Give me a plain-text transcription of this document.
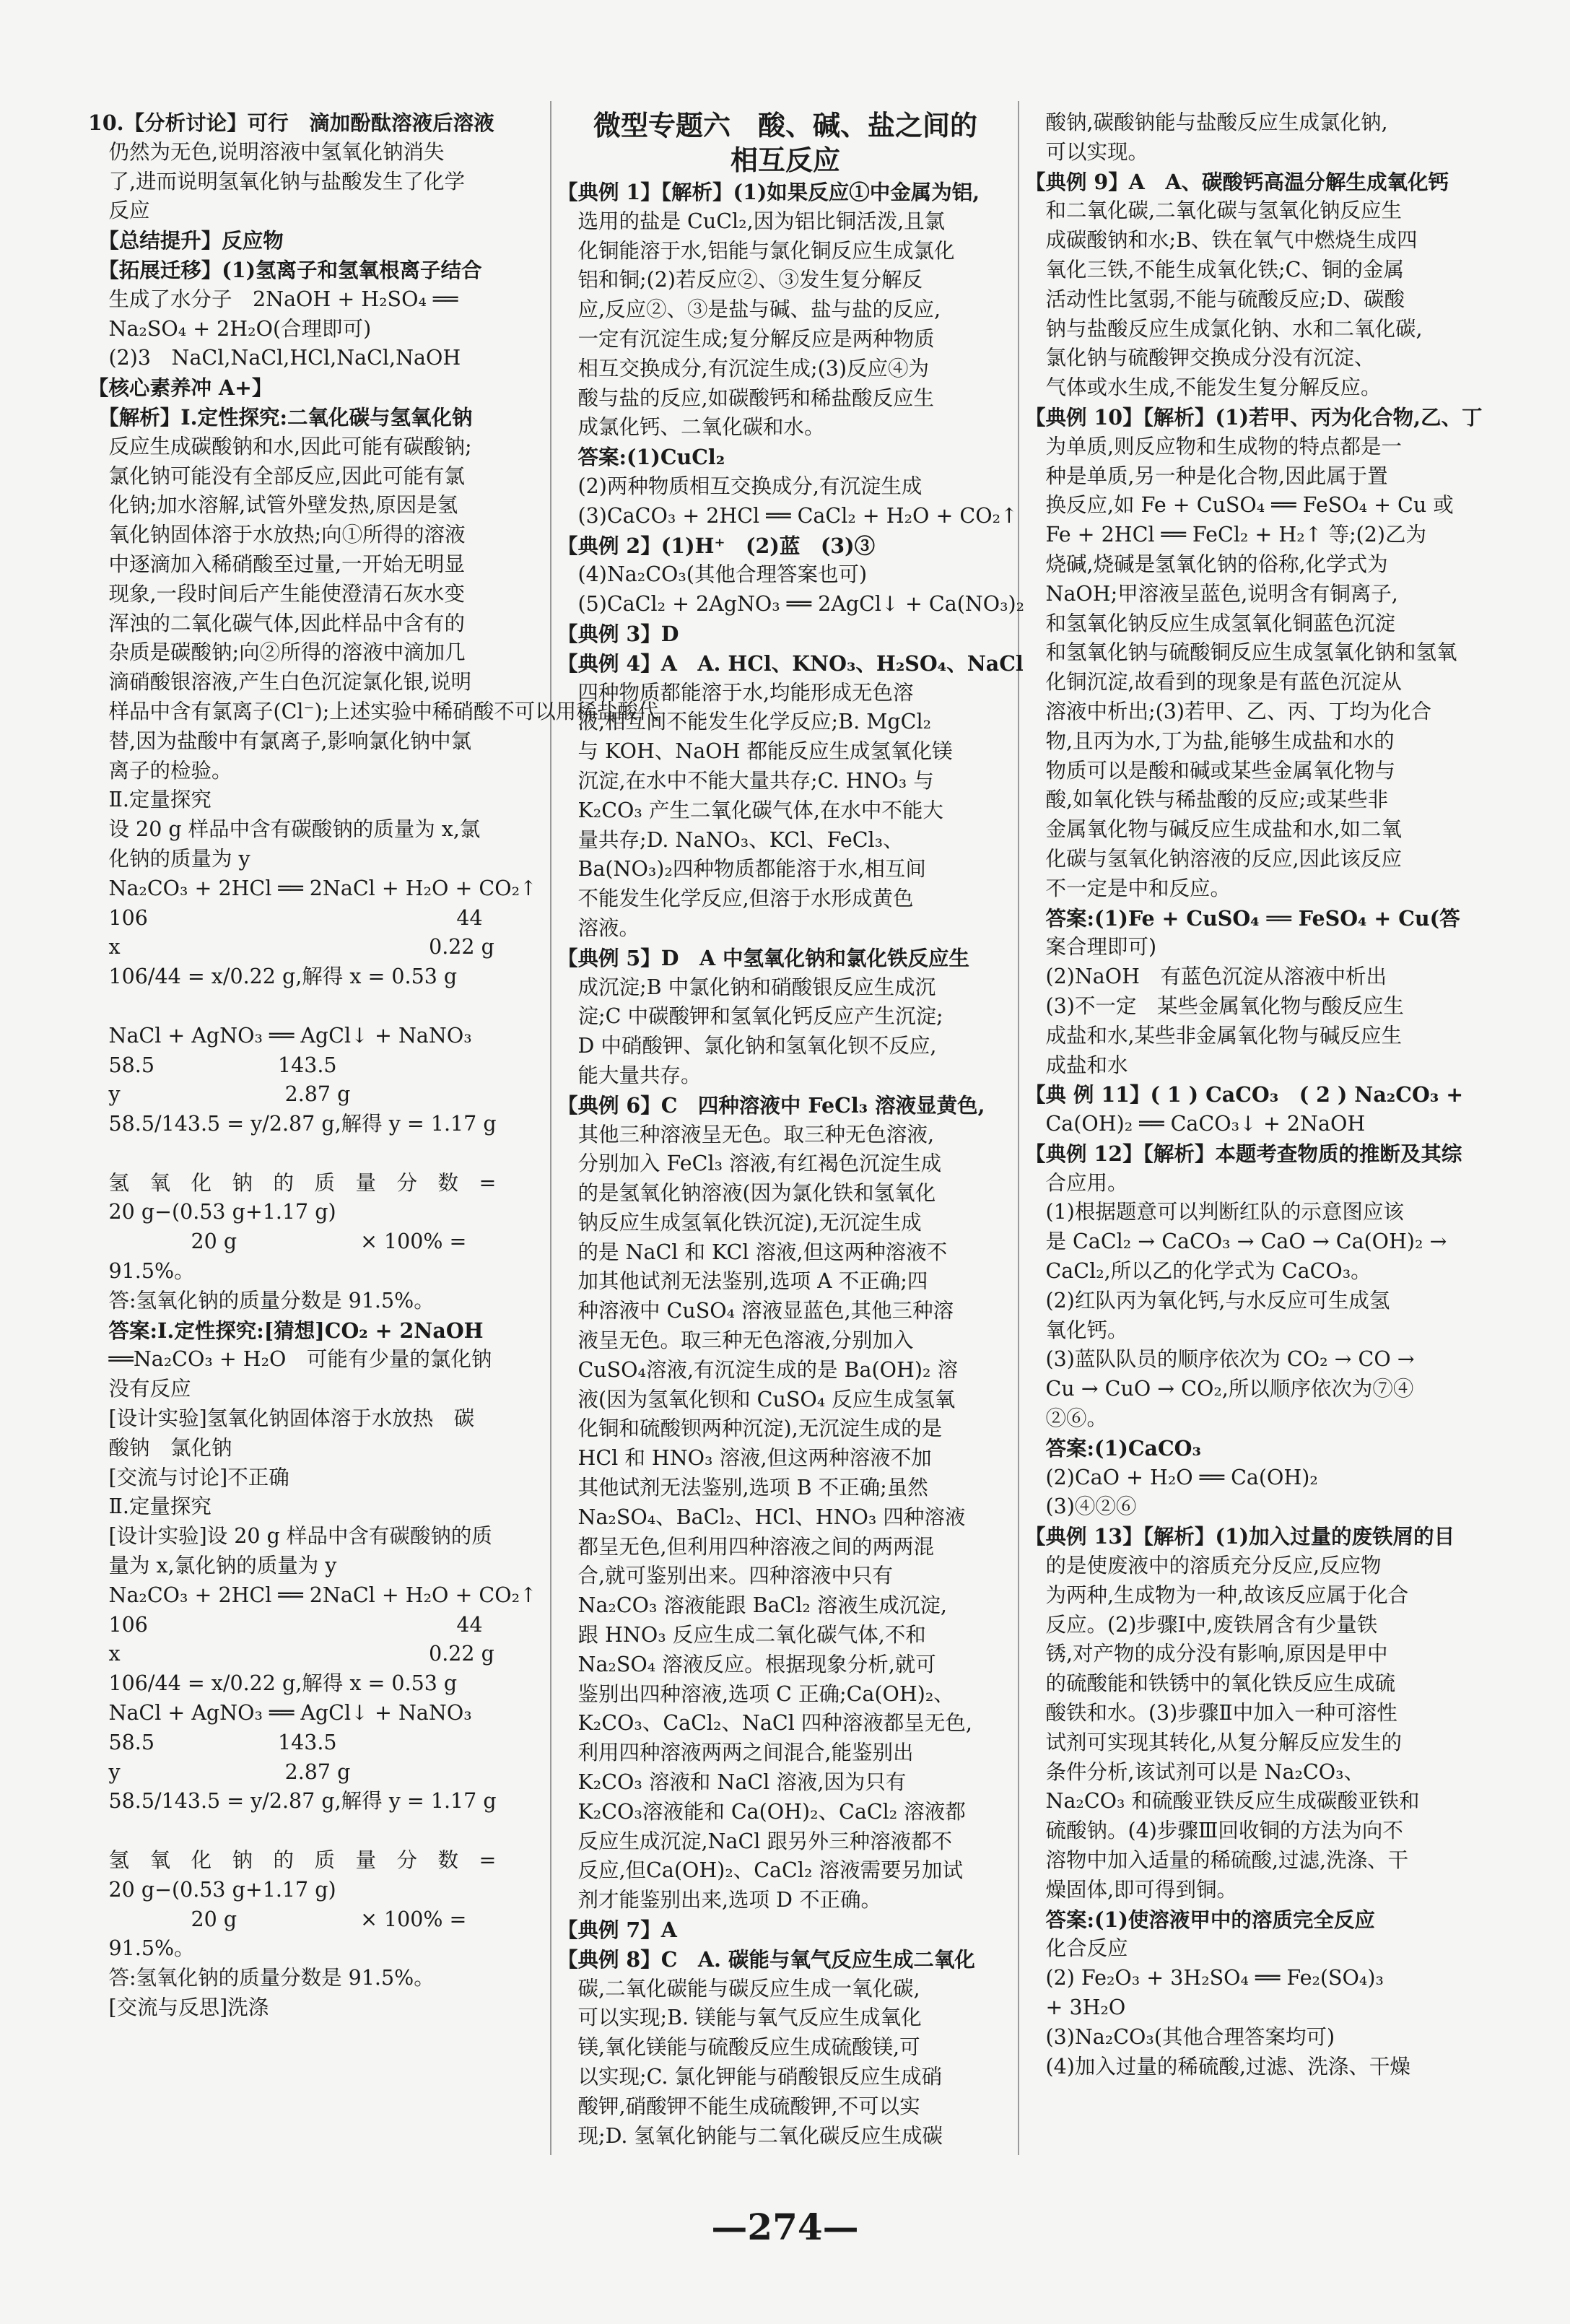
10.【分析讨论】可行　滴加酚酞溶液后溶液
　仍然为无色,说明溶液中氢氧化钠消失
　了,进而说明氢氧化钠与盐酸发生了化学
　反应
　【总结提升】反应物
　【拓展迁移】(1)氢离子和氢氧根离子结合
　生成了水分子　2NaOH + H₂SO₄ ══
　Na₂SO₄ + 2H₂O(合理即可)
　(2)3　NaCl,NaCl,HCl,NaCl,NaOH
【核心素养冲 A+】
　【解析】Ⅰ.定性探究:二氧化碳与氢氧化钠
　反应生成碳酸钠和水,因此可能有碳酸钠;
　氯化钠可能没有全部反应,因此可能有氯
　化钠;加水溶解,试管外壁发热,原因是氢
　氧化钠固体溶于水放热;向①所得的溶液
　中逐滴加入稀硝酸至过量,一开始无明显
　现象,一段时间后产生能使澄清石灰水变
　浑浊的二氧化碳气体,因此样品中含有的
　杂质是碳酸钠;向②所得的溶液中滴加几
　滴硝酸银溶液,产生白色沉淀氯化银,说明
　样品中含有氯离子(Cl⁻);上述实验中稀硝酸不可以用稀盐酸代
　替,因为盐酸中有氯离子,影响氯化钠中氯
　离子的检验。
　Ⅱ.定量探究
　设 20 g 样品中含有碳酸钠的质量为 x,氯
　化钠的质量为 y
　Na₂CO₃ + 2HCl ══ 2NaCl + H₂O + CO₂↑
　106　　　　　　　　　　　　　　　44
　x　　　　　　　　　　　　　　　0.22 g
　106/44 = x/0.22 g,解得 x = 0.53 g

　NaCl + AgNO₃ ══ AgCl↓ + NaNO₃
　58.5　　　　　　143.5
　y　　　　　　　　2.87 g
　58.5/143.5 = y/2.87 g,解得 y = 1.17 g

　氢　氧　化　钠　的　质　量　分　数　=
　20 g−(0.53 g+1.17 g)
　　　　　20 g　　　　　　× 100% =
　91.5%。
　答:氢氧化钠的质量分数是 91.5%。
　答案:Ⅰ.定性探究:[猜想]CO₂ + 2NaOH
　══Na₂CO₃ + H₂O　可能有少量的氯化钠
　没有反应
　[设计实验]氢氧化钠固体溶于水放热　碳
　酸钠　氯化钠
　[交流与讨论]不正确
　Ⅱ.定量探究
　[设计实验]设 20 g 样品中含有碳酸钠的质
　量为 x,氯化钠的质量为 y
　Na₂CO₃ + 2HCl ══ 2NaCl + H₂O + CO₂↑
　106　　　　　　　　　　　　　　　44
　x　　　　　　　　　　　　　　　0.22 g
　106/44 = x/0.22 g,解得 x = 0.53 g
　NaCl + AgNO₃ ══ AgCl↓ + NaNO₃
　58.5　　　　　　143.5
　y　　　　　　　　2.87 g
　58.5/143.5 = y/2.87 g,解得 y = 1.17 g

　氢　氧　化　钠　的　质　量　分　数　=
　20 g−(0.53 g+1.17 g)
　　　　　20 g　　　　　　× 100% =
　91.5%。
　答:氢氧化钠的质量分数是 91.5%。
　[交流与反思]洗涤
微型专题六　酸、碱、盐之间的
相互反应
【典例 1】【解析】(1)如果反应①中金属为铝,
　选用的盐是 CuCl₂,因为铝比铜活泼,且氯
　化铜能溶于水,铝能与氯化铜反应生成氯化
　铝和铜;(2)若反应②、③发生复分解反
　应,反应②、③是盐与碱、盐与盐的反应,
　一定有沉淀生成;复分解反应是两种物质
　相互交换成分,有沉淀生成;(3)反应④为
　酸与盐的反应,如碳酸钙和稀盐酸反应生
　成氯化钙、二氧化碳和水。
　答案:(1)CuCl₂
　(2)两种物质相互交换成分,有沉淀生成
　(3)CaCO₃ + 2HCl ══ CaCl₂ + H₂O + CO₂↑
【典例 2】(1)H⁺　(2)蓝　(3)③
　(4)Na₂CO₃(其他合理答案也可)
　(5)CaCl₂ + 2AgNO₃ ══ 2AgCl↓ + Ca(NO₃)₂
【典例 3】D
【典例 4】A　A. HCl、KNO₃、H₂SO₄、NaCl
　四种物质都能溶于水,均能形成无色溶
　液,相互间不能发生化学反应;B. MgCl₂
　与 KOH、NaOH 都能反应生成氢氧化镁
　沉淀,在水中不能大量共存;C. HNO₃ 与
　K₂CO₃ 产生二氧化碳气体,在水中不能大
　量共存;D. NaNO₃、KCl、FeCl₃、
　Ba(NO₃)₂四种物质都能溶于水,相互间
　不能发生化学反应,但溶于水形成黄色
　溶液。
【典例 5】D　A 中氢氧化钠和氯化铁反应生
　成沉淀;B 中氯化钠和硝酸银反应生成沉
　淀;C 中碳酸钾和氢氧化钙反应产生沉淀;
　D 中硝酸钾、氯化钠和氢氧化钡不反应,
　能大量共存。
【典例 6】C　四种溶液中 FeCl₃ 溶液显黄色,
　其他三种溶液呈无色。取三种无色溶液,
　分别加入 FeCl₃ 溶液,有红褐色沉淀生成
　的是氢氧化钠溶液(因为氯化铁和氢氧化
　钠反应生成氢氧化铁沉淀),无沉淀生成
　的是 NaCl 和 KCl 溶液,但这两种溶液不
　加其他试剂无法鉴别,选项 A 不正确;四
　种溶液中 CuSO₄ 溶液显蓝色,其他三种溶
　液呈无色。取三种无色溶液,分别加入
　CuSO₄溶液,有沉淀生成的是 Ba(OH)₂ 溶
　液(因为氢氧化钡和 CuSO₄ 反应生成氢氧
　化铜和硫酸钡两种沉淀),无沉淀生成的是
　HCl 和 HNO₃ 溶液,但这两种溶液不加
　其他试剂无法鉴别,选项 B 不正确;虽然
　Na₂SO₄、BaCl₂、HCl、HNO₃ 四种溶液
　都呈无色,但利用四种溶液之间的两两混
　合,就可鉴别出来。四种溶液中只有
　Na₂CO₃ 溶液能跟 BaCl₂ 溶液生成沉淀,
　跟 HNO₃ 反应生成二氧化碳气体,不和
　Na₂SO₄ 溶液反应。根据现象分析,就可
　鉴别出四种溶液,选项 C 正确;Ca(OH)₂、
　K₂CO₃、CaCl₂、NaCl 四种溶液都呈无色,
　利用四种溶液两两之间混合,能鉴别出
　K₂CO₃ 溶液和 NaCl 溶液,因为只有
　K₂CO₃溶液能和 Ca(OH)₂、CaCl₂ 溶液都
　反应生成沉淀,NaCl 跟另外三种溶液都不
　反应,但Ca(OH)₂、CaCl₂ 溶液需要另加试
　剂才能鉴别出来,选项 D 不正确。
【典例 7】A
【典例 8】C　A. 碳能与氧气反应生成二氧化
　碳,二氧化碳能与碳反应生成一氧化碳,
　可以实现;B. 镁能与氧气反应生成氧化
　镁,氧化镁能与硫酸反应生成硫酸镁,可
　以实现;C. 氯化钾能与硝酸银反应生成硝
　酸钾,硝酸钾不能生成硫酸钾,不可以实
　现;D. 氢氧化钠能与二氧化碳反应生成碳
　酸钠,碳酸钠能与盐酸反应生成氯化钠,
　可以实现。
【典例 9】A　A、碳酸钙高温分解生成氧化钙
　和二氧化碳,二氧化碳与氢氧化钠反应生
　成碳酸钠和水;B、铁在氧气中燃烧生成四
　氧化三铁,不能生成氧化铁;C、铜的金属
　活动性比氢弱,不能与硫酸反应;D、碳酸
　钠与盐酸反应生成氯化钠、水和二氧化碳,
　氯化钠与硫酸钾交换成分没有沉淀、
　气体或水生成,不能发生复分解反应。
【典例 10】【解析】(1)若甲、丙为化合物,乙、丁
　为单质,则反应物和生成物的特点都是一
　种是单质,另一种是化合物,因此属于置
　换反应,如 Fe + CuSO₄ ══ FeSO₄ + Cu 或
　Fe + 2HCl ══ FeCl₂ + H₂↑ 等;(2)乙为
　烧碱,烧碱是氢氧化钠的俗称,化学式为
　NaOH;甲溶液呈蓝色,说明含有铜离子,
　和氢氧化钠反应生成氢氧化铜蓝色沉淀
　和氢氧化钠与硫酸铜反应生成氢氧化钠和氢氧
　化铜沉淀,故看到的现象是有蓝色沉淀从
　溶液中析出;(3)若甲、乙、丙、丁均为化合
　物,且丙为水,丁为盐,能够生成盐和水的
　物质可以是酸和碱或某些金属氧化物与
　酸,如氧化铁与稀盐酸的反应;或某些非
　金属氧化物与碱反应生成盐和水,如二氧
　化碳与氢氧化钠溶液的反应,因此该反应
　不一定是中和反应。
　答案:(1)Fe + CuSO₄ ══ FeSO₄ + Cu(答
　案合理即可)
　(2)NaOH　有蓝色沉淀从溶液中析出
　(3)不一定　某些金属氧化物与酸反应生
　成盐和水,某些非金属氧化物与碱反应生
　成盐和水
【典 例 11】( 1 ) CaCO₃　( 2 ) Na₂CO₃ +
　Ca(OH)₂ ══ CaCO₃↓ + 2NaOH
【典例 12】【解析】本题考查物质的推断及其综
　合应用。
　(1)根据题意可以判断红队的示意图应该
　是 CaCl₂ → CaCO₃ → CaO → Ca(OH)₂ →
　CaCl₂,所以乙的化学式为 CaCO₃。
　(2)红队丙为氧化钙,与水反应可生成氢
　氧化钙。
　(3)蓝队队员的顺序依次为 CO₂ → CO →
　Cu → CuO → CO₂,所以顺序依次为⑦④
　②⑥。
　答案:(1)CaCO₃
　(2)CaO + H₂O ══ Ca(OH)₂
　(3)④②⑥
【典例 13】【解析】(1)加入过量的废铁屑的目
　的是使废液中的溶质充分反应,反应物
　为两种,生成物为一种,故该反应属于化合
　反应。(2)步骤Ⅰ中,废铁屑含有少量铁
　锈,对产物的成分没有影响,原因是甲中
　的硫酸能和铁锈中的氧化铁反应生成硫
　酸铁和水。(3)步骤Ⅱ中加入一种可溶性
　试剂可实现其转化,从复分解反应发生的
　条件分析,该试剂可以是 Na₂CO₃、
　Na₂CO₃ 和硫酸亚铁反应生成碳酸亚铁和
　硫酸钠。(4)步骤Ⅲ回收铜的方法为向不
　溶物中加入适量的稀硫酸,过滤,洗涤、干
　燥固体,即可得到铜。
　答案:(1)使溶液甲中的溶质完全反应
　化合反应
　(2) Fe₂O₃ + 3H₂SO₄ ══ Fe₂(SO₄)₃
　+ 3H₂O
　(3)Na₂CO₃(其他合理答案均可)
　(4)加入过量的稀硫酸,过滤、洗涤、干燥
—274—
